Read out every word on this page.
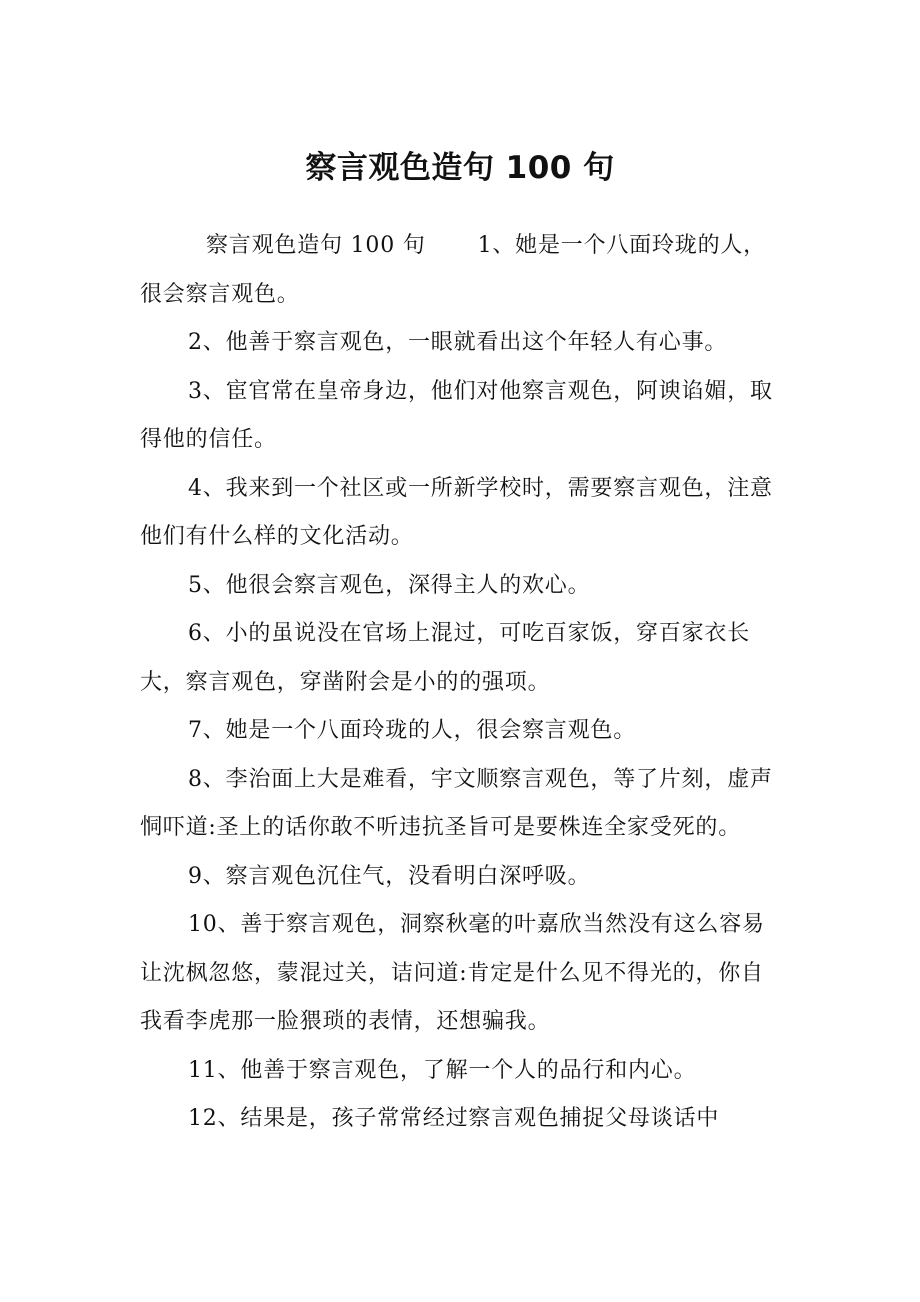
察言观色造句 100 句

察言观色造句 100 句 1、她是一个八面玲珑的人，很会察言观色。

2、他善于察言观色，一眼就看出这个年轻人有心事。

3、宦官常在皇帝身边，他们对他察言观色，阿谀谄媚，取得他的信任。

4、我来到一个社区或一所新学校时，需要察言观色，注意他们有什么样的文化活动。

5、他很会察言观色，深得主人的欢心。

6、小的虽说没在官场上混过，可吃百家饭，穿百家衣长大，察言观色，穿凿附会是小的的强项。

7、她是一个八面玲珑的人，很会察言观色。

8、李治面上大是难看，宇文顺察言观色，等了片刻，虚声恫吓道:圣上的话你敢不听违抗圣旨可是要株连全家受死的。

9、察言观色沉住气，没看明白深呼吸。

10、善于察言观色，洞察秋毫的叶嘉欣当然没有这么容易让沈枫忽悠，蒙混过关，诘问道:肯定是什么见不得光的，你自我看李虎那一脸猥琐的表情，还想骗我。

11、他善于察言观色，了解一个人的品行和内心。

12、结果是，孩子常常经过察言观色捕捉父母谈话中
